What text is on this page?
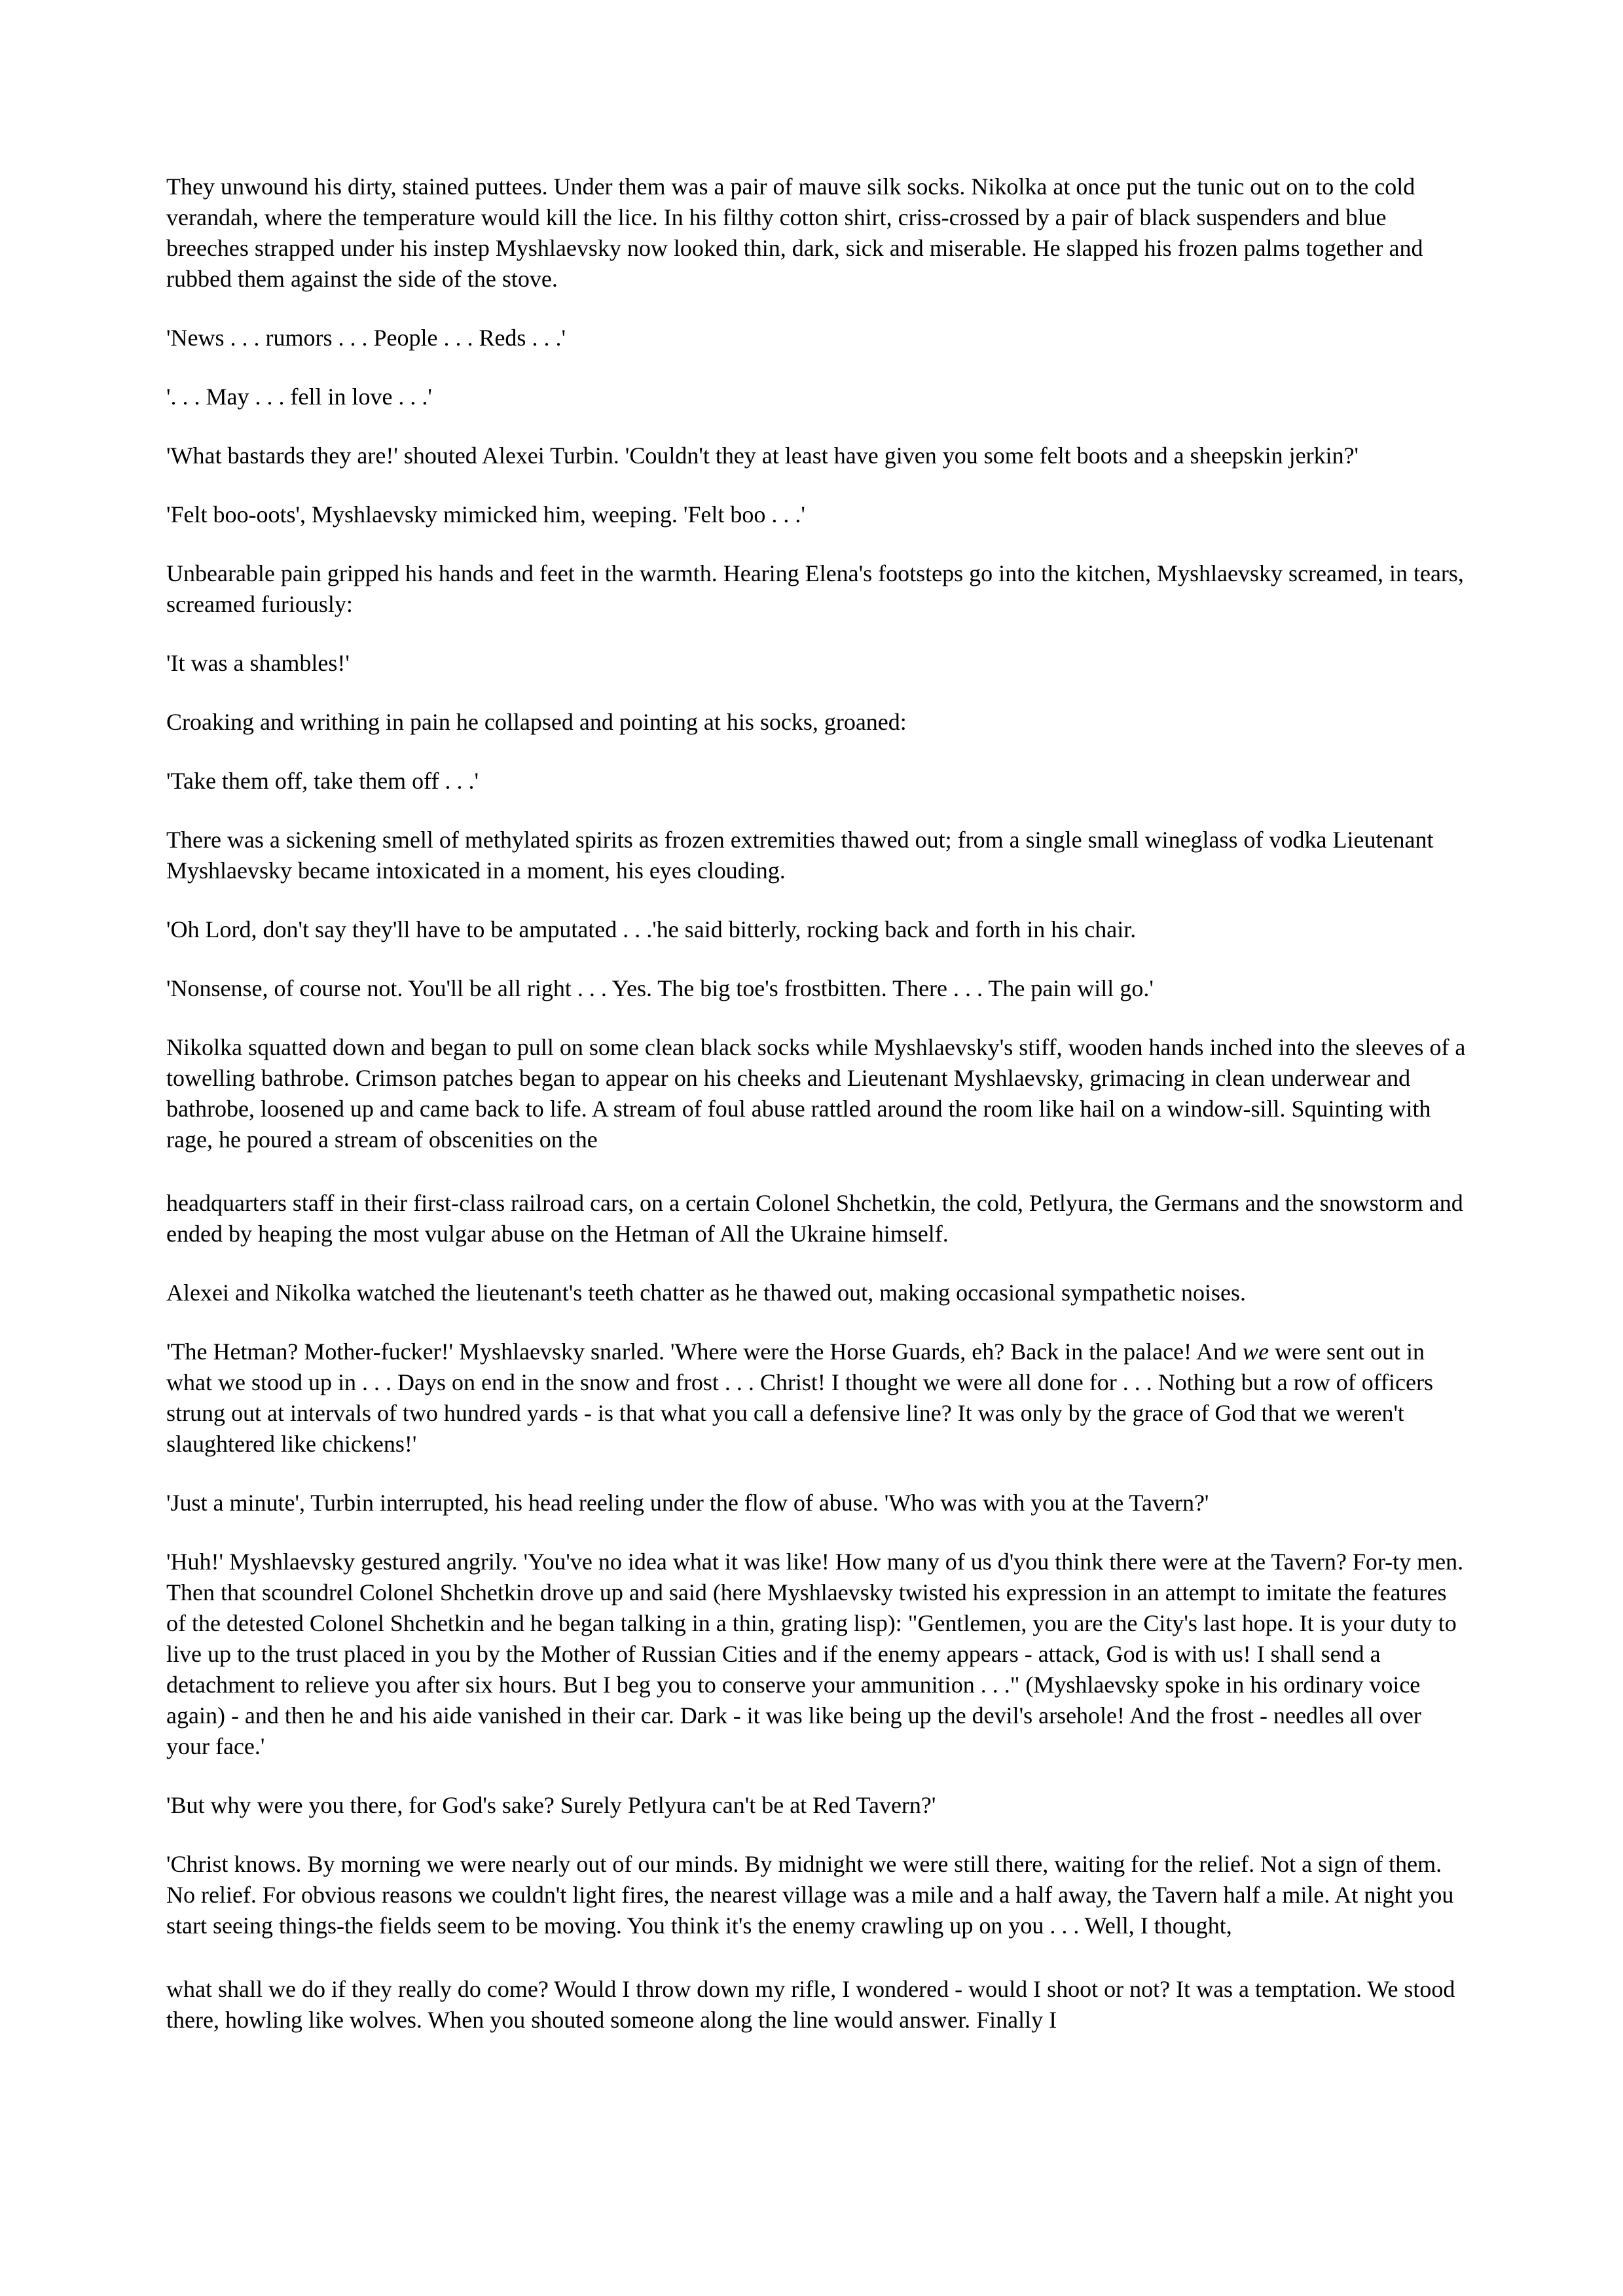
They unwound his dirty, stained puttees. Under them was a pair of mauve silk socks. Nikolka at once put the tunic out on to the cold verandah, where the temperature would kill the lice. In his filthy cotton shirt, criss-crossed by a pair of black suspenders and blue breeches strapped under his instep Myshlaevsky now looked thin, dark, sick and miserable. He slapped his frozen palms together and rubbed them against the side of the stove.

'News . . . rumors . . . People . . . Reds . . .'

'. . . May . . . fell in love . . .'

'What bastards they are!' shouted Alexei Turbin. 'Couldn't they at least have given you some felt boots and a sheepskin jerkin?'

'Felt boo-oots', Myshlaevsky mimicked him, weeping. 'Felt boo . . .'

Unbearable pain gripped his hands and feet in the warmth. Hearing Elena's footsteps go into the kitchen, Myshlaevsky screamed, in tears, screamed furiously:

'It was a shambles!'

Croaking and writhing in pain he collapsed and pointing at his socks, groaned:

'Take them off, take them off . . .'

There was a sickening smell of methylated spirits as frozen extremities thawed out; from a single small wineglass of vodka Lieutenant Myshlaevsky became intoxicated in a moment, his eyes clouding.

'Oh Lord, don't say they'll have to be amputated . . .'he said bitterly, rocking back and forth in his chair.

'Nonsense, of course not. You'll be all right . . . Yes. The big toe's frostbitten. There . . . The pain will go.'

Nikolka squatted down and began to pull on some clean black socks while Myshlaevsky's stiff, wooden hands inched into the sleeves of a towelling bathrobe. Crimson patches began to appear on his cheeks and Lieutenant Myshlaevsky, grimacing in clean underwear and bathrobe, loosened up and came back to life. A stream of foul abuse rattled around the room like hail on a window-sill. Squinting with rage, he poured a stream of obscenities on the

headquarters staff in their first-class railroad cars, on a certain Colonel Shchetkin, the cold, Petlyura, the Germans and the snowstorm and ended by heaping the most vulgar abuse on the Hetman of All the Ukraine himself.

Alexei and Nikolka watched the lieutenant's teeth chatter as he thawed out, making occasional sympathetic noises.

'The Hetman? Mother-fucker!' Myshlaevsky snarled. 'Where were the Horse Guards, eh? Back in the palace! And we were sent out in what we stood up in . . . Days on end in the snow and frost . . . Christ! I thought we were all done for . . . Nothing but a row of officers strung out at intervals of two hundred yards - is that what you call a defensive line? It was only by the grace of God that we weren't slaughtered like chickens!'

'Just a minute', Turbin interrupted, his head reeling under the flow of abuse. 'Who was with you at the Tavern?'

'Huh!' Myshlaevsky gestured angrily. 'You've no idea what it was like! How many of us d'you think there were at the Tavern? For-ty men. Then that scoundrel Colonel Shchetkin drove up and said (here Myshlaevsky twisted his expression in an attempt to imitate the features of the detested Colonel Shchetkin and he began talking in a thin, grating lisp): "Gentlemen, you are the City's last hope. It is your duty to live up to the trust placed in you by the Mother of Russian Cities and if the enemy appears - attack, God is with us! I shall send a detachment to relieve you after six hours. But I beg you to conserve your ammunition . . ." (Myshlaevsky spoke in his ordinary voice again) - and then he and his aide vanished in their car. Dark - it was like being up the devil's arsehole! And the frost - needles all over your face.'

'But why were you there, for God's sake? Surely Petlyura can't be at Red Tavern?'

'Christ knows. By morning we were nearly out of our minds. By midnight we were still there, waiting for the relief. Not a sign of them. No relief. For obvious reasons we couldn't light fires, the nearest village was a mile and a half away, the Tavern half a mile. At night you start seeing things-the fields seem to be moving. You think it's the enemy crawling up on you . . . Well, I thought,

what shall we do if they really do come? Would I throw down my rifle, I wondered - would I shoot or not? It was a temptation. We stood there, howling like wolves. When you shouted someone along the line would answer. Finally I
